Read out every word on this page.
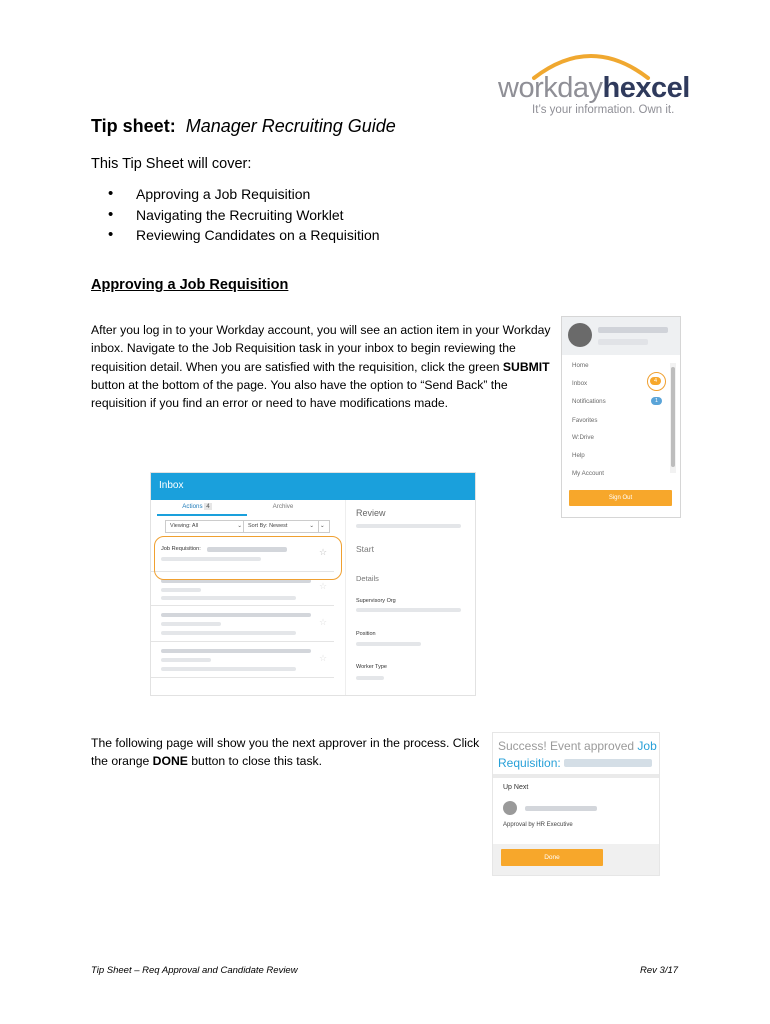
workdayhexcel
It’s your information. Own it.
Tip sheet: Manager Recruiting Guide
This Tip Sheet will cover:
• Approving a Job Requisition
• Navigating the Recruiting Worklet
• Reviewing Candidates on a Requisition
Approving a Job Requisition
After you log in to your Workday account, you will see an action item in your Workday inbox. Navigate to the Job Requisition task in your inbox to begin reviewing the requisition detail. When you are satisfied with the requisition, click the green SUBMIT button at the bottom of the page. You also have the option to “Send Back” the requisition if you find an error or need to have modifications made.
Home
Inbox	4
Notifications	1
Favorites
W:Drive
Help
My Account
Sign Out
Inbox
Actions 4	Archive
Viewing: All	⌄	Sort By: Newest	⌄	⌄
Job Requisition:	☆
☆
☆
☆
Review
Start
Details
Supervisory Org
Position
Worker Type
The following page will show you the next approver in the process. Click the orange DONE button to close this task.
Success! Event approved Job
Requisition:
Up Next
Approval by HR Executive
Done
Tip Sheet – Req Approval and Candidate Review	Rev 3/17
